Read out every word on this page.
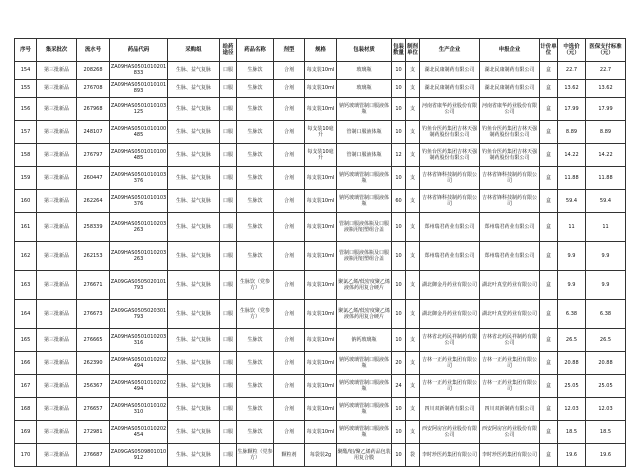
序号	集采批次	流水号	药品代码	采购组	给药途径	药品名称	剂型	规格	包装材质	包装数量	制剂单位	生产企业	申报企业	计价单位	中选价（元）	医保支付标准（元）
154	第三批新品	208268	ZA09HAS0501010201833	生脉、益气复脉	口服	生脉饮	合剂	每支装10ml	玻璃瓶	10	支	湖北民康制药有限公司	湖北民康制药有限公司	盒	22.7	22.7
155	第三批新品	276708	ZA09HAS0501010101893	生脉、益气复脉	口服	生脉饮	合剂	每支装10ml	玻璃瓶	10	支	湖北民康制药有限公司	湖北民康制药有限公司	盒	13.62	13.62
156	第三批新品	267968	ZA09HAS0501010103125	生脉、益气复脉	口服	生脉饮	合剂	每支装10ml	钠钙玻璃管制口服液体瓶	10	支	河南省康华药业股份有限公司	河南省康华药业股份有限公司	盒	17.99	17.99
157	第三批新品	248107	ZA09HAS0501010100485	生脉、益气复脉	口服	生脉饮	合剂	每支装10毫升	管制口服液体瓶	10	支	钓鱼台医药集团吉林天强制药股份有限公司	钓鱼台医药集团吉林天强制药股份有限公司	盒	8.89	8.89
158	第三批新品	276797	ZA09HAS0501010100485	生脉、益气复脉	口服	生脉饮	合剂	每支装10毫升	管制口服液体瓶	12	支	钓鱼台医药集团吉林天强制药股份有限公司	钓鱼台医药集团吉林天强制药股份有限公司	盒	14.22	14.22
159	第三批新品	260447	ZA09HAS0501010103376	生脉、益气复脉	口服	生脉饮	合剂	每支装10ml	钠钙玻璃管制口服液体瓶	10	支	吉林省锋科技制药有限公司	吉林省锋科技制药有限公司	盒	11.88	11.88
160	第三批新品	262264	ZA09HAS0501010103376	生脉、益气复脉	口服	生脉饮	合剂	每支装10ml	钠钙玻璃管制口服液体瓶	60	支	吉林省锋科技制药有限公司	吉林省锋科技制药有限公司	盒	59.4	59.4
161	第三批新品	258339	ZA09HAS0501010203263	生脉、益气复脉	口服	生脉饮	合剂	每支装10ml	管制口服液体瓶及口服液瓶用铝塑组合盖	10	支	郑州瑞君药业有限公司	郑州瑞君药业有限公司	盒	11	11
162	第三批新品	262153	ZA09HAS0501010203263	生脉、益气复脉	口服	生脉饮	合剂	每支装10ml	管制口服液体瓶及口服液瓶用铝塑组合盖	10	支	郑州瑞君药业有限公司	郑州瑞君药业有限公司	盒	9.9	9.9
163	第三批新品	276671	ZA09GAS0505020101793	生脉、益气复脉	口服	生脉饮（党参方）	合剂	每支装10ml	聚氯乙烯/低密度聚乙烯液体药用复合硬片	10	支	湖北御金丹药业有限公司	湖北叶真堂药业有限公司	盒	9.9	9.9
164	第三批新品	276673	ZA09GAS0505020301793	生脉、益气复脉	口服	生脉饮（党参方）	合剂	每支装10ml	聚氯乙烯/低密度聚乙烯液体药用复合硬片	10	支	湖北御金丹药业有限公司	湖北叶真堂药业有限公司	盒	6.38	6.38
165	第三批新品	276665	ZA09HAS0501010203316	生脉、益气复脉	口服	生脉饮	合剂	每支装10ml	钠钙玻璃瓶	10	支	吉林省北药民祥制药有限公司	吉林省北药民祥制药有限公司	盒	26.5	26.5
166	第三批新品	262390	ZA09HAS0501010202494	生脉、益气复脉	口服	生脉饮	合剂	每支装10ml	钠钙玻璃管制口服液体瓶	20	支	吉林一正药业集团有限公司	吉林一正药业集团有限公司	盒	20.88	20.88
167	第三批新品	256367	ZA09HAS0501010202494	生脉、益气复脉	口服	生脉饮	合剂	每支装10ml	钠钙玻璃管制口服液体瓶	24	支	吉林一正药业集团有限公司	吉林一正药业集团有限公司	盒	25.05	25.05
168	第三批新品	276657	ZA09HAS0501010102310	生脉、益气复脉	口服	生脉饮	合剂	每支装10ml	钠钙玻璃管制口服液体瓶	10	支	四川双新制药有限公司	四川双新制药有限公司	盒	12.03	12.03
169	第三批新品	272981	ZA09HAS0501010202454	生脉、益气复脉	口服	生脉饮	合剂	每支装10ml	钠钙玻璃管制口服液体瓶	10	支	西安阿房宫药业股份有限公司	西安阿房宫药业股份有限公司	盒	18.5	18.5
170	第三批新品	276687	ZA09GAS0509801010912	生脉、益气复脉	口服	生脉颗粒（党参方）	颗粒剂	每袋装2g	聚酯/铝/聚乙烯药品包装用复合膜	10	袋	李时珍医药集团有限公司	李时珍医药集团有限公司	盒	19.6	19.6
